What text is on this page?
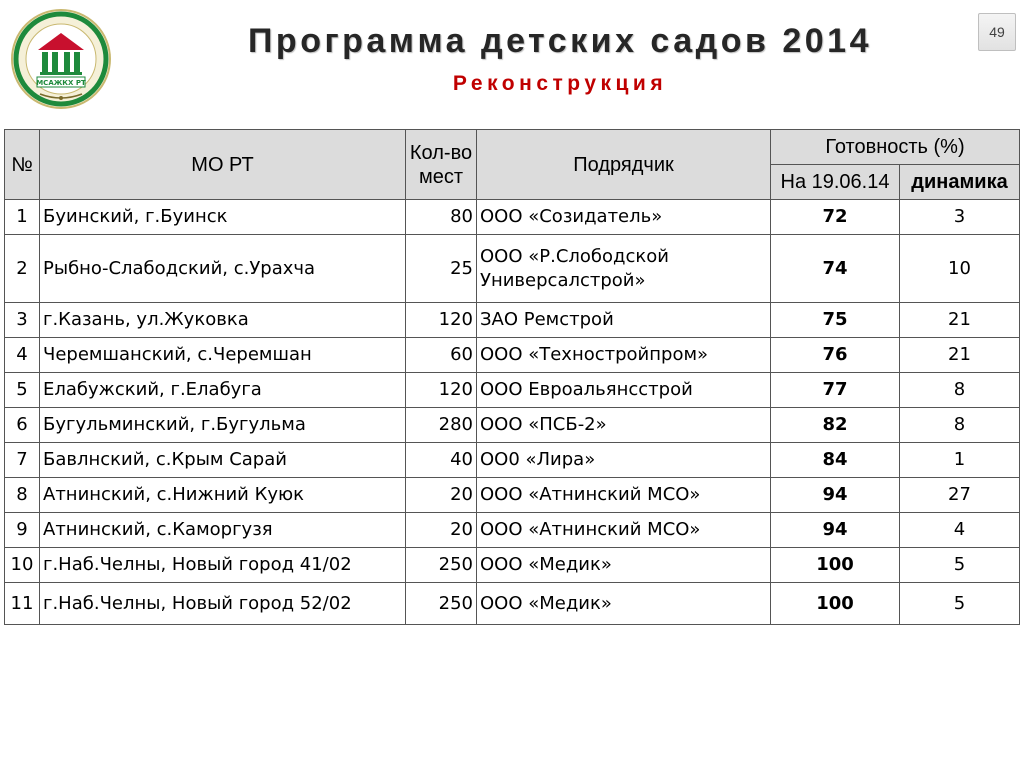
МСАЖКХ РТ
Программа детских садов 2014
Реконструкция
49
№	МО РТ	Кол-во мест	Подрядчик	Готовность (%)	
				На 19.06.14	динамика
1	Буинский, г.Буинск	80	ООО «Созидатель»	72	3
2	Рыбно-Слабодский, с.Урахча	25	ООО «Р.Слободской Универсалстрой»	74	10
3	г.Казань, ул.Жуковка	120	ЗАО Ремстрой	75	21
4	Черемшанский, с.Черемшан	60	ООО «Техностройпром»	76	21
5	Елабужский, г.Елабуга	120	ООО Евроальянсстрой	77	8
6	Бугульминский, г.Бугульма	280	ООО «ПСБ-2»	82	8
7	Бавлнский, с.Крым Сарай	40	ОО0 «Лира»	84	1
8	Атнинский, с.Нижний Куюк	20	ООО «Атнинский МСО»	94	27
9	Атнинский, с.Каморгузя	20	ООО «Атнинский МСО»	94	4
10	г.Наб.Челны, Новый город 41/02	250	ООО «Медик»	100	5
11	г.Наб.Челны, Новый город 52/02	250	ООО «Медик»	100	5
